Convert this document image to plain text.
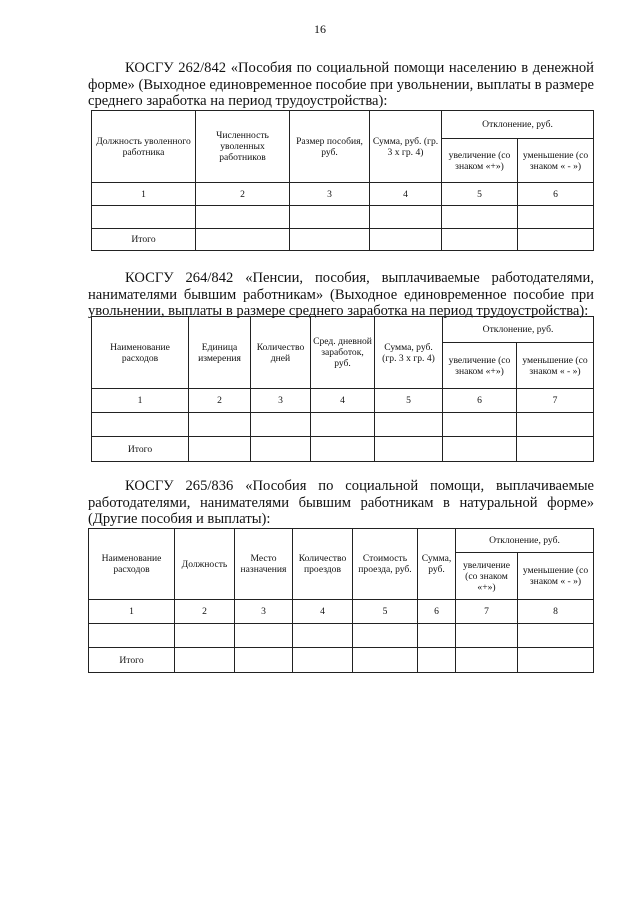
16

КОСГУ 262/842 «Пособия по социальной помощи населению в денежной форме» (Выходное единовременное пособие при увольнении, выплаты в размере среднего заработка на период трудоустройства):

Должность уволенного работника	Численность уволенных работников	Размер пособия, руб.	Сумма, руб. (гр. 3 х гр. 4)	Отклонение, руб.	
				увеличение (со знаком «+»)	уменьшение (со знаком « - »)
1	2	3	4	5	6

Итого					

КОСГУ 264/842 «Пенсии, пособия, выплачиваемые работодателями, нанимателями бывшим работникам» (Выходное единовременное пособие при увольнении, выплаты в размере среднего заработка на период трудоустройства):

Наименование расходов	Единица измерения	Количество дней	Сред. дневной заработок, руб.	Сумма, руб. (гр. 3 х гр. 4)	Отклонение, руб.	
					увеличение (со знаком «+»)	уменьшение (со знаком « - »)
1	2	3	4	5	6	7

Итого						

КОСГУ 265/836 «Пособия по социальной помощи, выплачиваемые работодателями, нанимателями бывшим работникам в натуральной форме» (Другие пособия и выплаты):

Наименование расходов	Должность	Место назначения	Количество проездов	Стоимость проезда, руб.	Сумма, руб.	Отклонение, руб.	
						увеличение (со знаком «+»)	уменьшение (со знаком « - »)
1	2	3	4	5	6	7	8

Итого							
